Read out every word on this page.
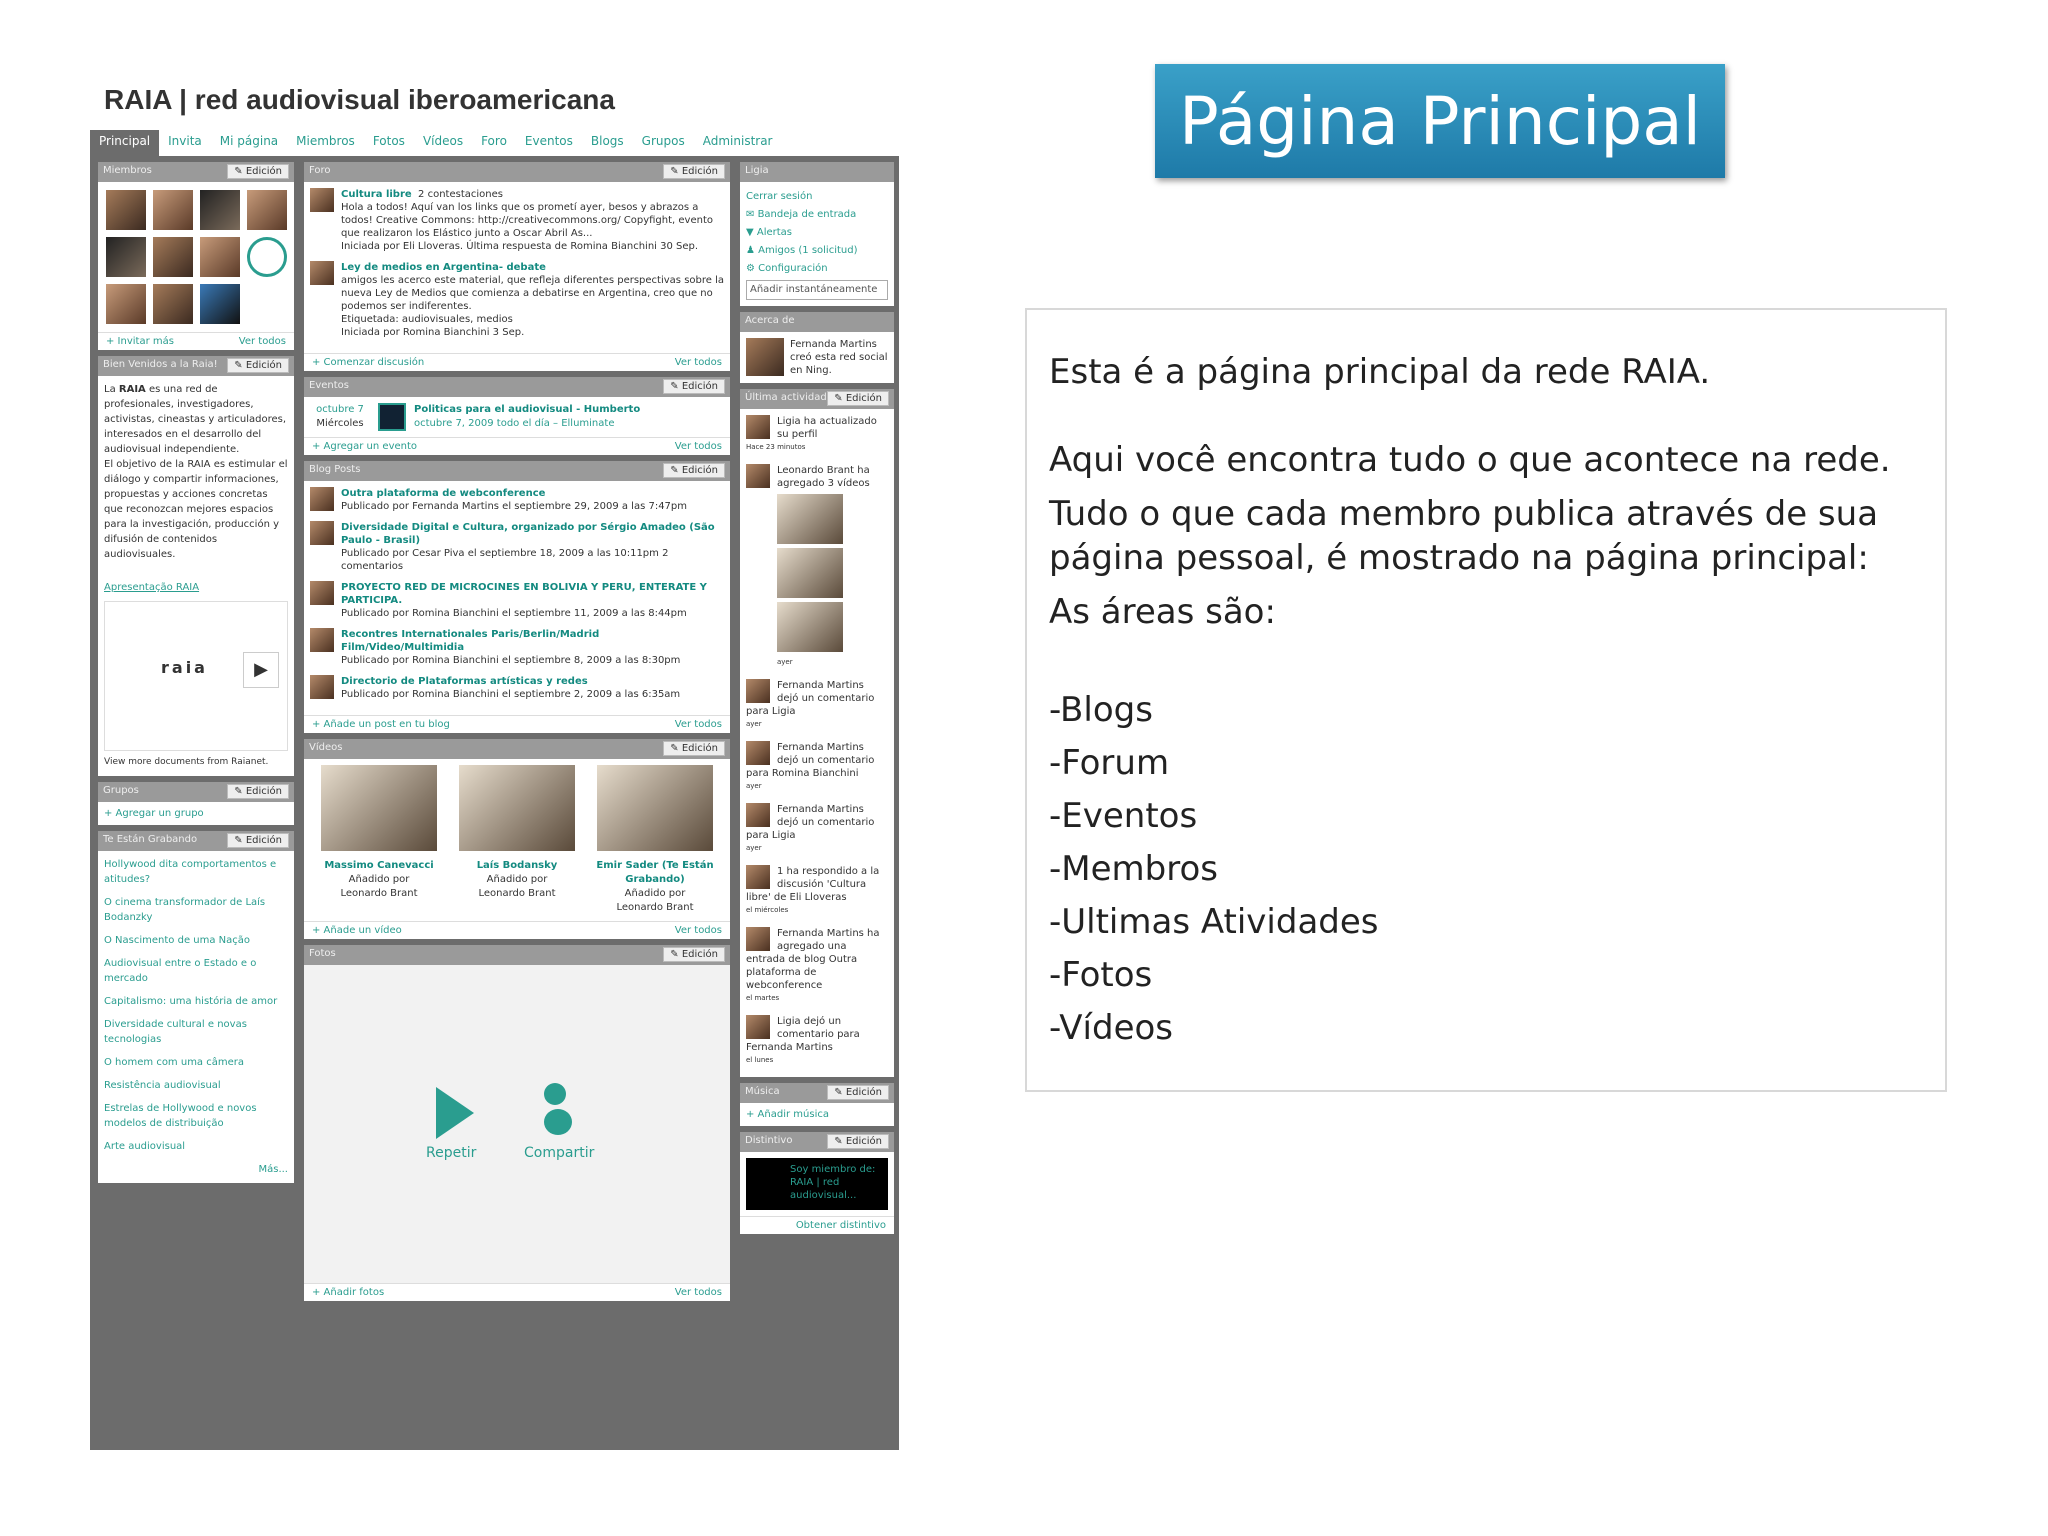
RAIA | red audiovisual iberoamericana
Principal	Invita	Mi página	Miembros	Fotos	Vídeos	Foro	Eventos	Blogs	Grupos	Administrar
Miembros	✎ Edición
+ Invitar más	Ver todos
Bien Venidos a la Raia!	✎ Edición

La RAIA es una red de profesionales, investigadores, activistas, cineastas y articuladores, interesados en el desarrollo del audiovisual independiente.

El objetivo de la RAIA es estimular el diálogo y compartir informaciones, propuestas y acciones concretas que reconozcan mejores espacios para la investigación, producción y difusión de contenidos audiovisuales.

Apresentação RAIA

raia	▶

View more documents from Raianet.

Grupos	✎ Edición
+ Agregar un grupo
Te Están Grabando	✎ Edición

Hollywood dita comportamentos e atitudes?

O cinema transformador de Laís Bodanzky

O Nascimento de uma Nação

Audiovisual entre o Estado e o mercado

Capitalismo: uma história de amor

Diversidade cultural e novas tecnologias

O homem com uma câmera

Resistência audiovisual

Estrelas de Hollywood e novos modelos de distribuição

Arte audiovisual

Más...

Foro	✎ Edición
Cultura libre 2 contestaciones

Hola a todos! Aquí van los links que os prometí ayer, besos y abrazos a todos! Creative Commons: http://creativecommons.org/ Copyfight, evento que realizaron los Elástico junto a Oscar Abril As...

Iniciada por Eli Lloveras. Última respuesta de Romina Bianchini 30 Sep.

Ley de medios en Argentina- debate

amigos les acerco este material, que refleja diferentes perspectivas sobre la nueva Ley de Medios que comienza a debatirse en Argentina, creo que no podemos ser indiferentes.

Etiquetada: audiovisuales, medios

Iniciada por Romina Bianchini 3 Sep.

+ Comenzar discusión	Ver todos
Eventos	✎ Edición

octubre 7

Miércoles

Politicas para el audiovisual - Humberto

octubre 7, 2009 todo el día – Elluminate

+ Agregar un evento	Ver todos
Blog Posts	✎ Edición

Outra plataforma de webconference

Publicado por Fernanda Martins el septiembre 29, 2009 a las 7:47pm

Diversidade Digital e Cultura, organizado por Sérgio Amadeo (São Paulo - Brasil)

Publicado por Cesar Piva el septiembre 18, 2009 a las 10:11pm 2 comentarios

PROYECTO RED DE MICROCINES EN BOLIVIA Y PERU, ENTERATE Y PARTICIPA.

Publicado por Romina Bianchini el septiembre 11, 2009 a las 8:44pm

Recontres Internationales Paris/Berlin/Madrid Film/Video/Multimidia

Publicado por Romina Bianchini el septiembre 8, 2009 a las 8:30pm

Directorio de Plataformas artísticas y redes

Publicado por Romina Bianchini el septiembre 2, 2009 a las 6:35am

+ Añade un post en tu blog	Ver todos
Vídeos	✎ Edición

Massimo Canevacci

Añadido por

Leonardo Brant

Laís Bodansky

Añadido por

Leonardo Brant

Emir Sader (Te Están Grabando)

Añadido por

Leonardo Brant

+ Añade un vídeo	Ver todos
Fotos	✎ Edición
Repetir	Compartir
+ Añadir fotos	Ver todos
Ligia

Cerrar sesión

✉ Bandeja de entrada

▼ Alertas

♟ Amigos (1 solicitud)

⚙ Configuración

Añadir instantáneamente
Acerca de

Fernanda Martins creó esta red social en Ning.

Última actividad ✎ Edición

Ligia ha actualizado su perfil

Hace 23 minutos

Leonardo Brant ha agregado 3 vídeos

ayer

Fernanda Martins dejó un comentario para Ligia

ayer

Fernanda Martins dejó un comentario para Romina Bianchini

ayer

Fernanda Martins dejó un comentario para Ligia

ayer

1 ha respondido a la discusión 'Cultura libre' de Eli Lloveras

el miércoles

Fernanda Martins ha agregado una entrada de blog Outra plataforma de webconference

el martes

Ligia dejó un comentario para Fernanda Martins

el lunes

Música	✎ Edición
+ Añadir música
Distintivo	✎ Edición
Soy miembro de: RAIA | red audiovisual...
Obtener distintivo
Página Principal

Esta é a página principal da rede RAIA.

Aqui você encontra tudo o que acontece na rede.

Tudo o que cada membro publica através de sua página pessoal, é mostrado na página principal:

As áreas são:

-Blogs

-Forum

-Eventos

-Membros

-Ultimas Atividades

-Fotos

-Vídeos
